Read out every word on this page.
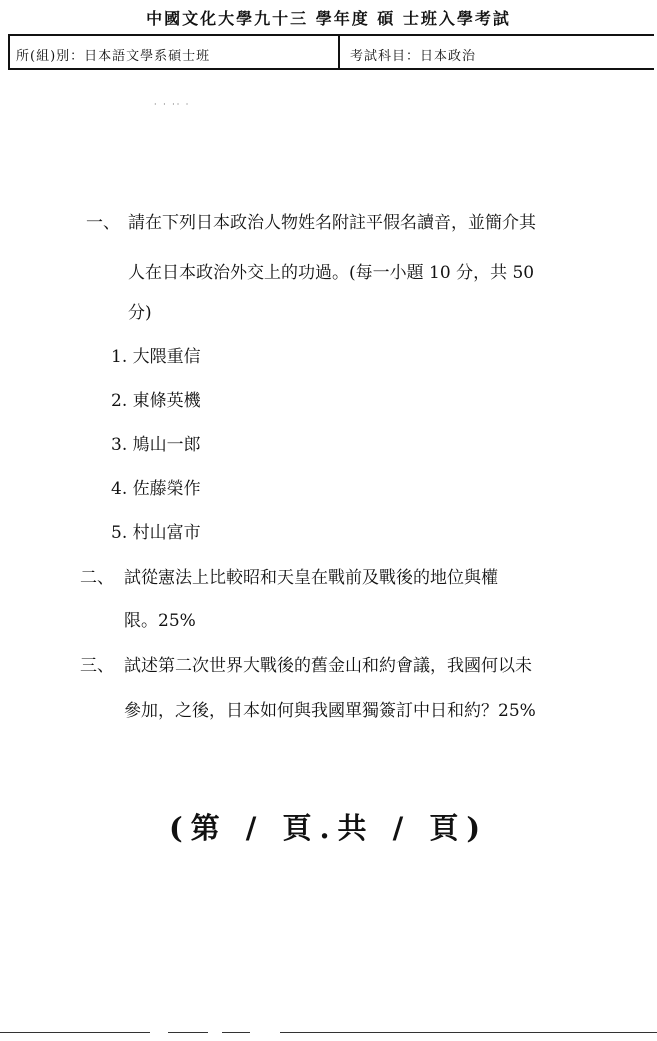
中國文化大學九十三 學年度 碩 士班入學考試
所(組)別：日本語文學系碩士班	考試科目：日本政治
· · ·· ·
一、 請在下列日本政治人物姓名附註平假名讀音，並簡介其
人在日本政治外交上的功過。(每一小題 10 分，共 50
分)
1. 大隈重信
2. 東條英機
3. 鳩山一郎
4. 佐藤榮作
5. 村山富市
二、 試從憲法上比較昭和天皇在戰前及戰後的地位與權
限。25%
三、 試述第二次世界大戰後的舊金山和約會議，我國何以未
參加，之後，日本如何與我國單獨簽訂中日和約？25%
(第 / 頁.共 / 頁)
